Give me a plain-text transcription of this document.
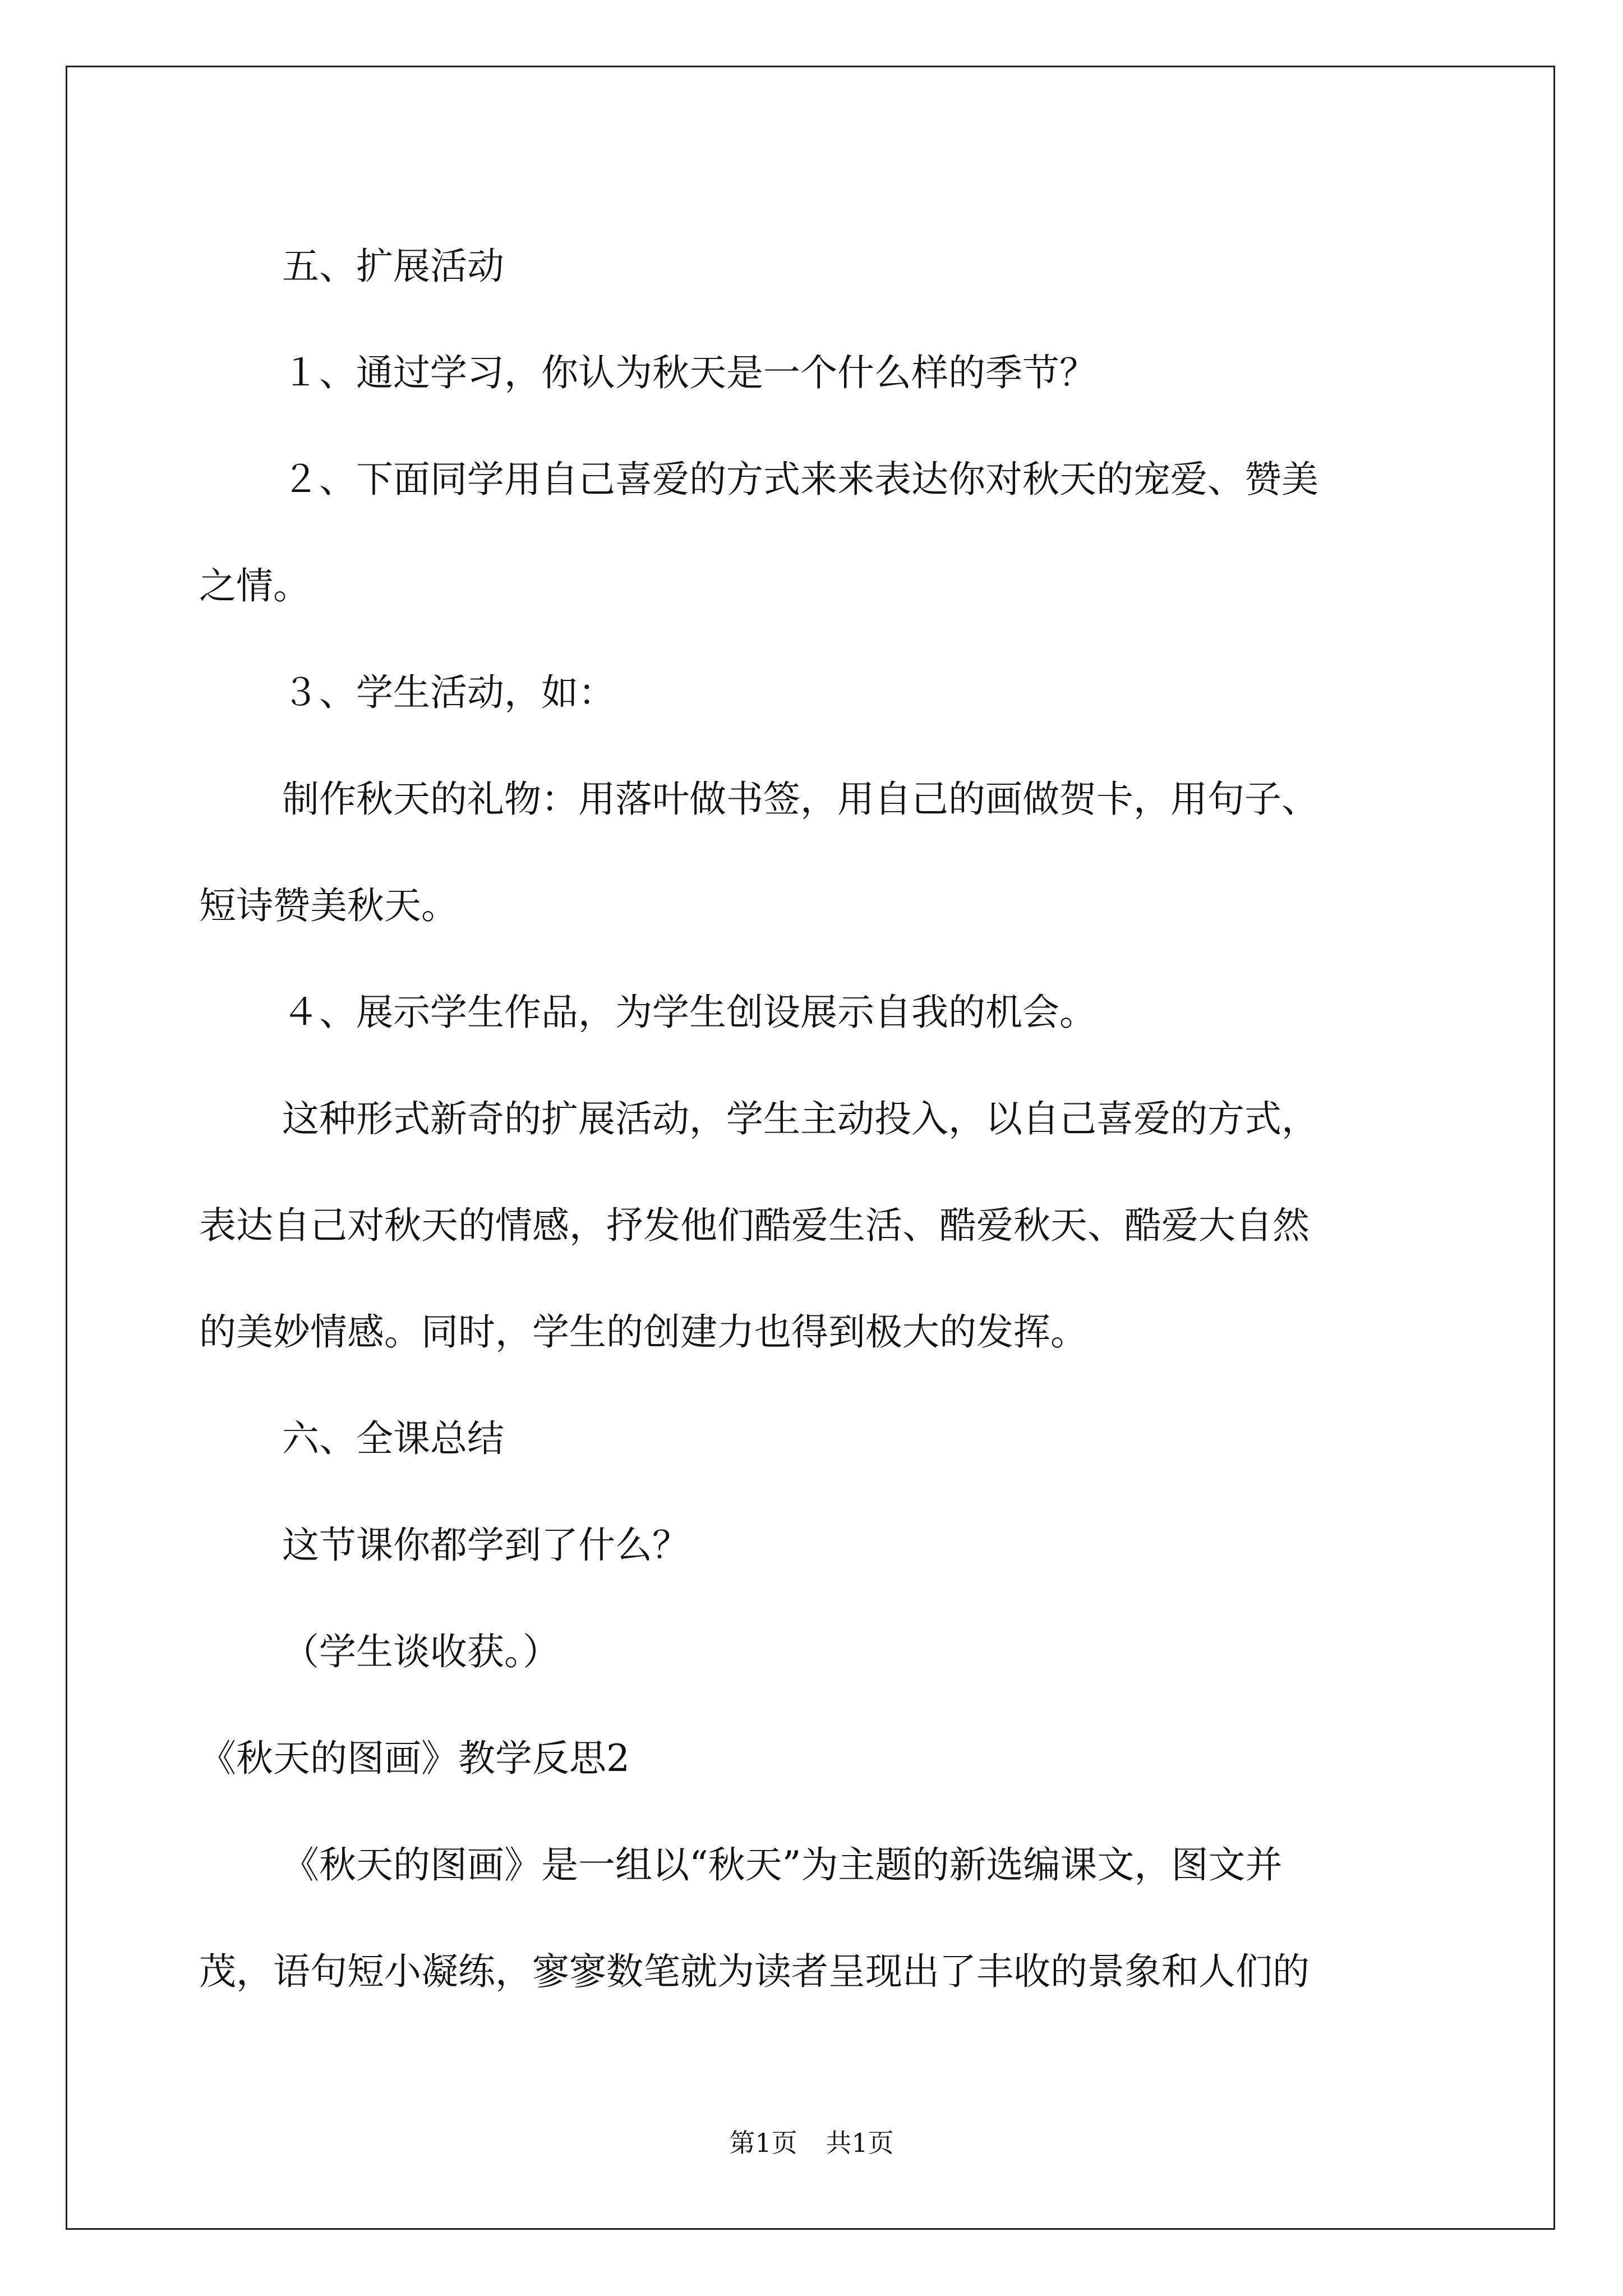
五、扩展活动

１、通过学习，你认为秋天是一个什么样的季节？

２、下面同学用自己喜爱的方式来来表达你对秋天的宠爱、赞美

之情。

３、学生活动，如：

制作秋天的礼物：用落叶做书签，用自己的画做贺卡，用句子、

短诗赞美秋天。

４、展示学生作品，为学生创设展示自我的机会。

这种形式新奇的扩展活动，学生主动投入，以自己喜爱的方式，

表达自己对秋天的情感，抒发他们酷爱生活、酷爱秋天、酷爱大自然

的美妙情感。同时，学生的创建力也得到极大的发挥。

六、全课总结

这节课你都学到了什么？

（学生谈收获。）

《秋天的图画》教学反思2

《秋天的图画》是一组以“秋天”为主题的新选编课文，图文并

茂，语句短小凝练，寥寥数笔就为读者呈现出了丰收的景象和人们的

第1页 共1页
